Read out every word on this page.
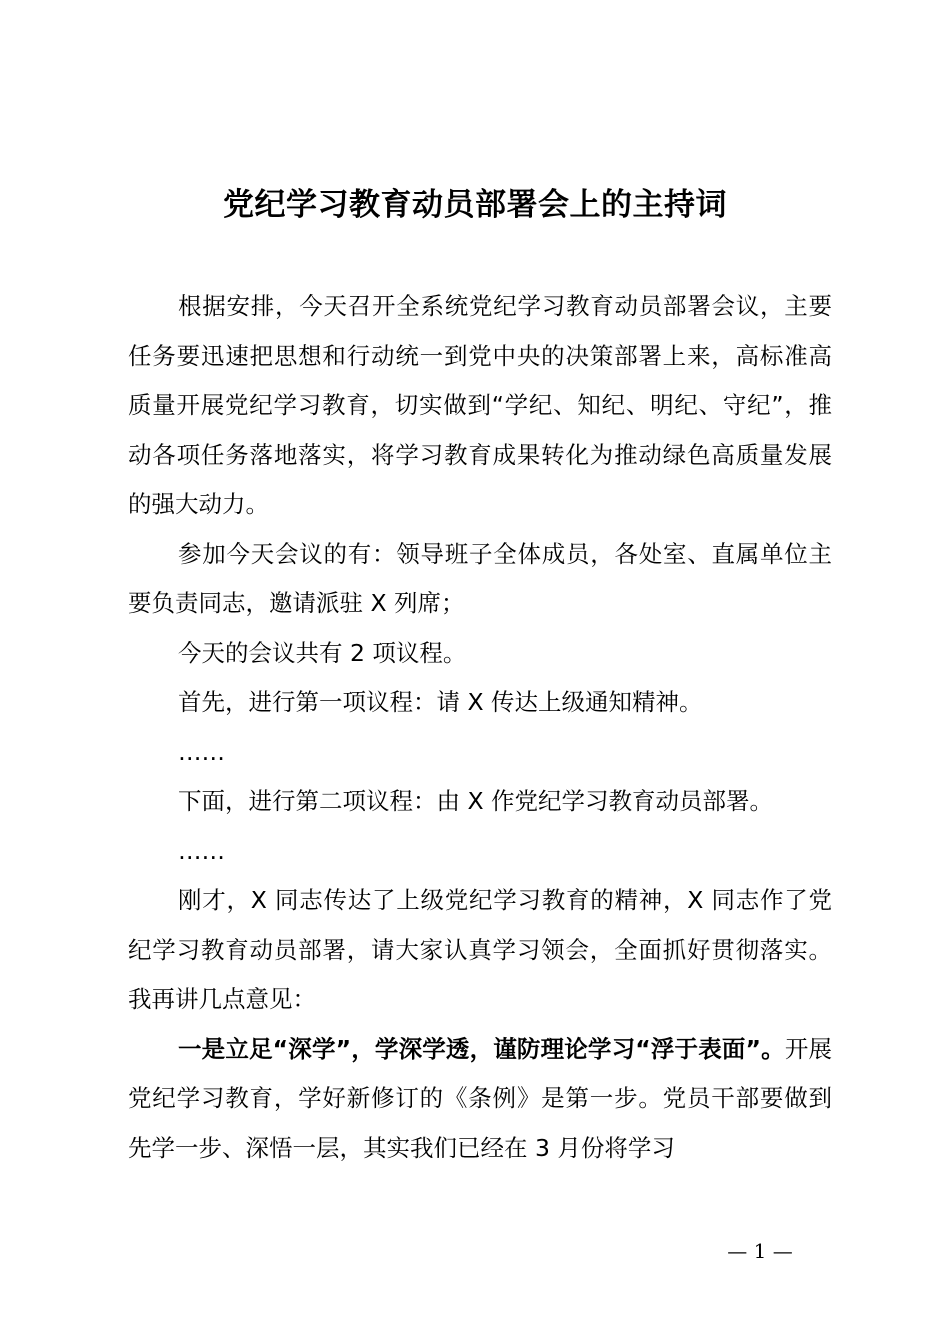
党纪学习教育动员部署会上的主持词

根据安排，今天召开全系统党纪学习教育动员部署会议，主要任务要迅速把思想和行动统一到党中央的决策部署上来，高标准高质量开展党纪学习教育，切实做到“学纪、知纪、明纪、守纪”，推动各项任务落地落实，将学习教育成果转化为推动绿色高质量发展的强大动力。

参加今天会议的有：领导班子全体成员，各处室、直属单位主要负责同志，邀请派驻 X 列席；

今天的会议共有 2 项议程。

首先，进行第一项议程：请 X 传达上级通知精神。

……

下面，进行第二项议程：由 X 作党纪学习教育动员部署。

……

刚才，X 同志传达了上级党纪学习教育的精神，X 同志作了党纪学习教育动员部署，请大家认真学习领会，全面抓好贯彻落实。我再讲几点意见：

一是立足“深学”，学深学透，谨防理论学习“浮于表面”。开展党纪学习教育，学好新修订的《条例》是第一步。党员干部要做到先学一步、深悟一层，其实我们已经在 3 月份将学习

— 1 —
